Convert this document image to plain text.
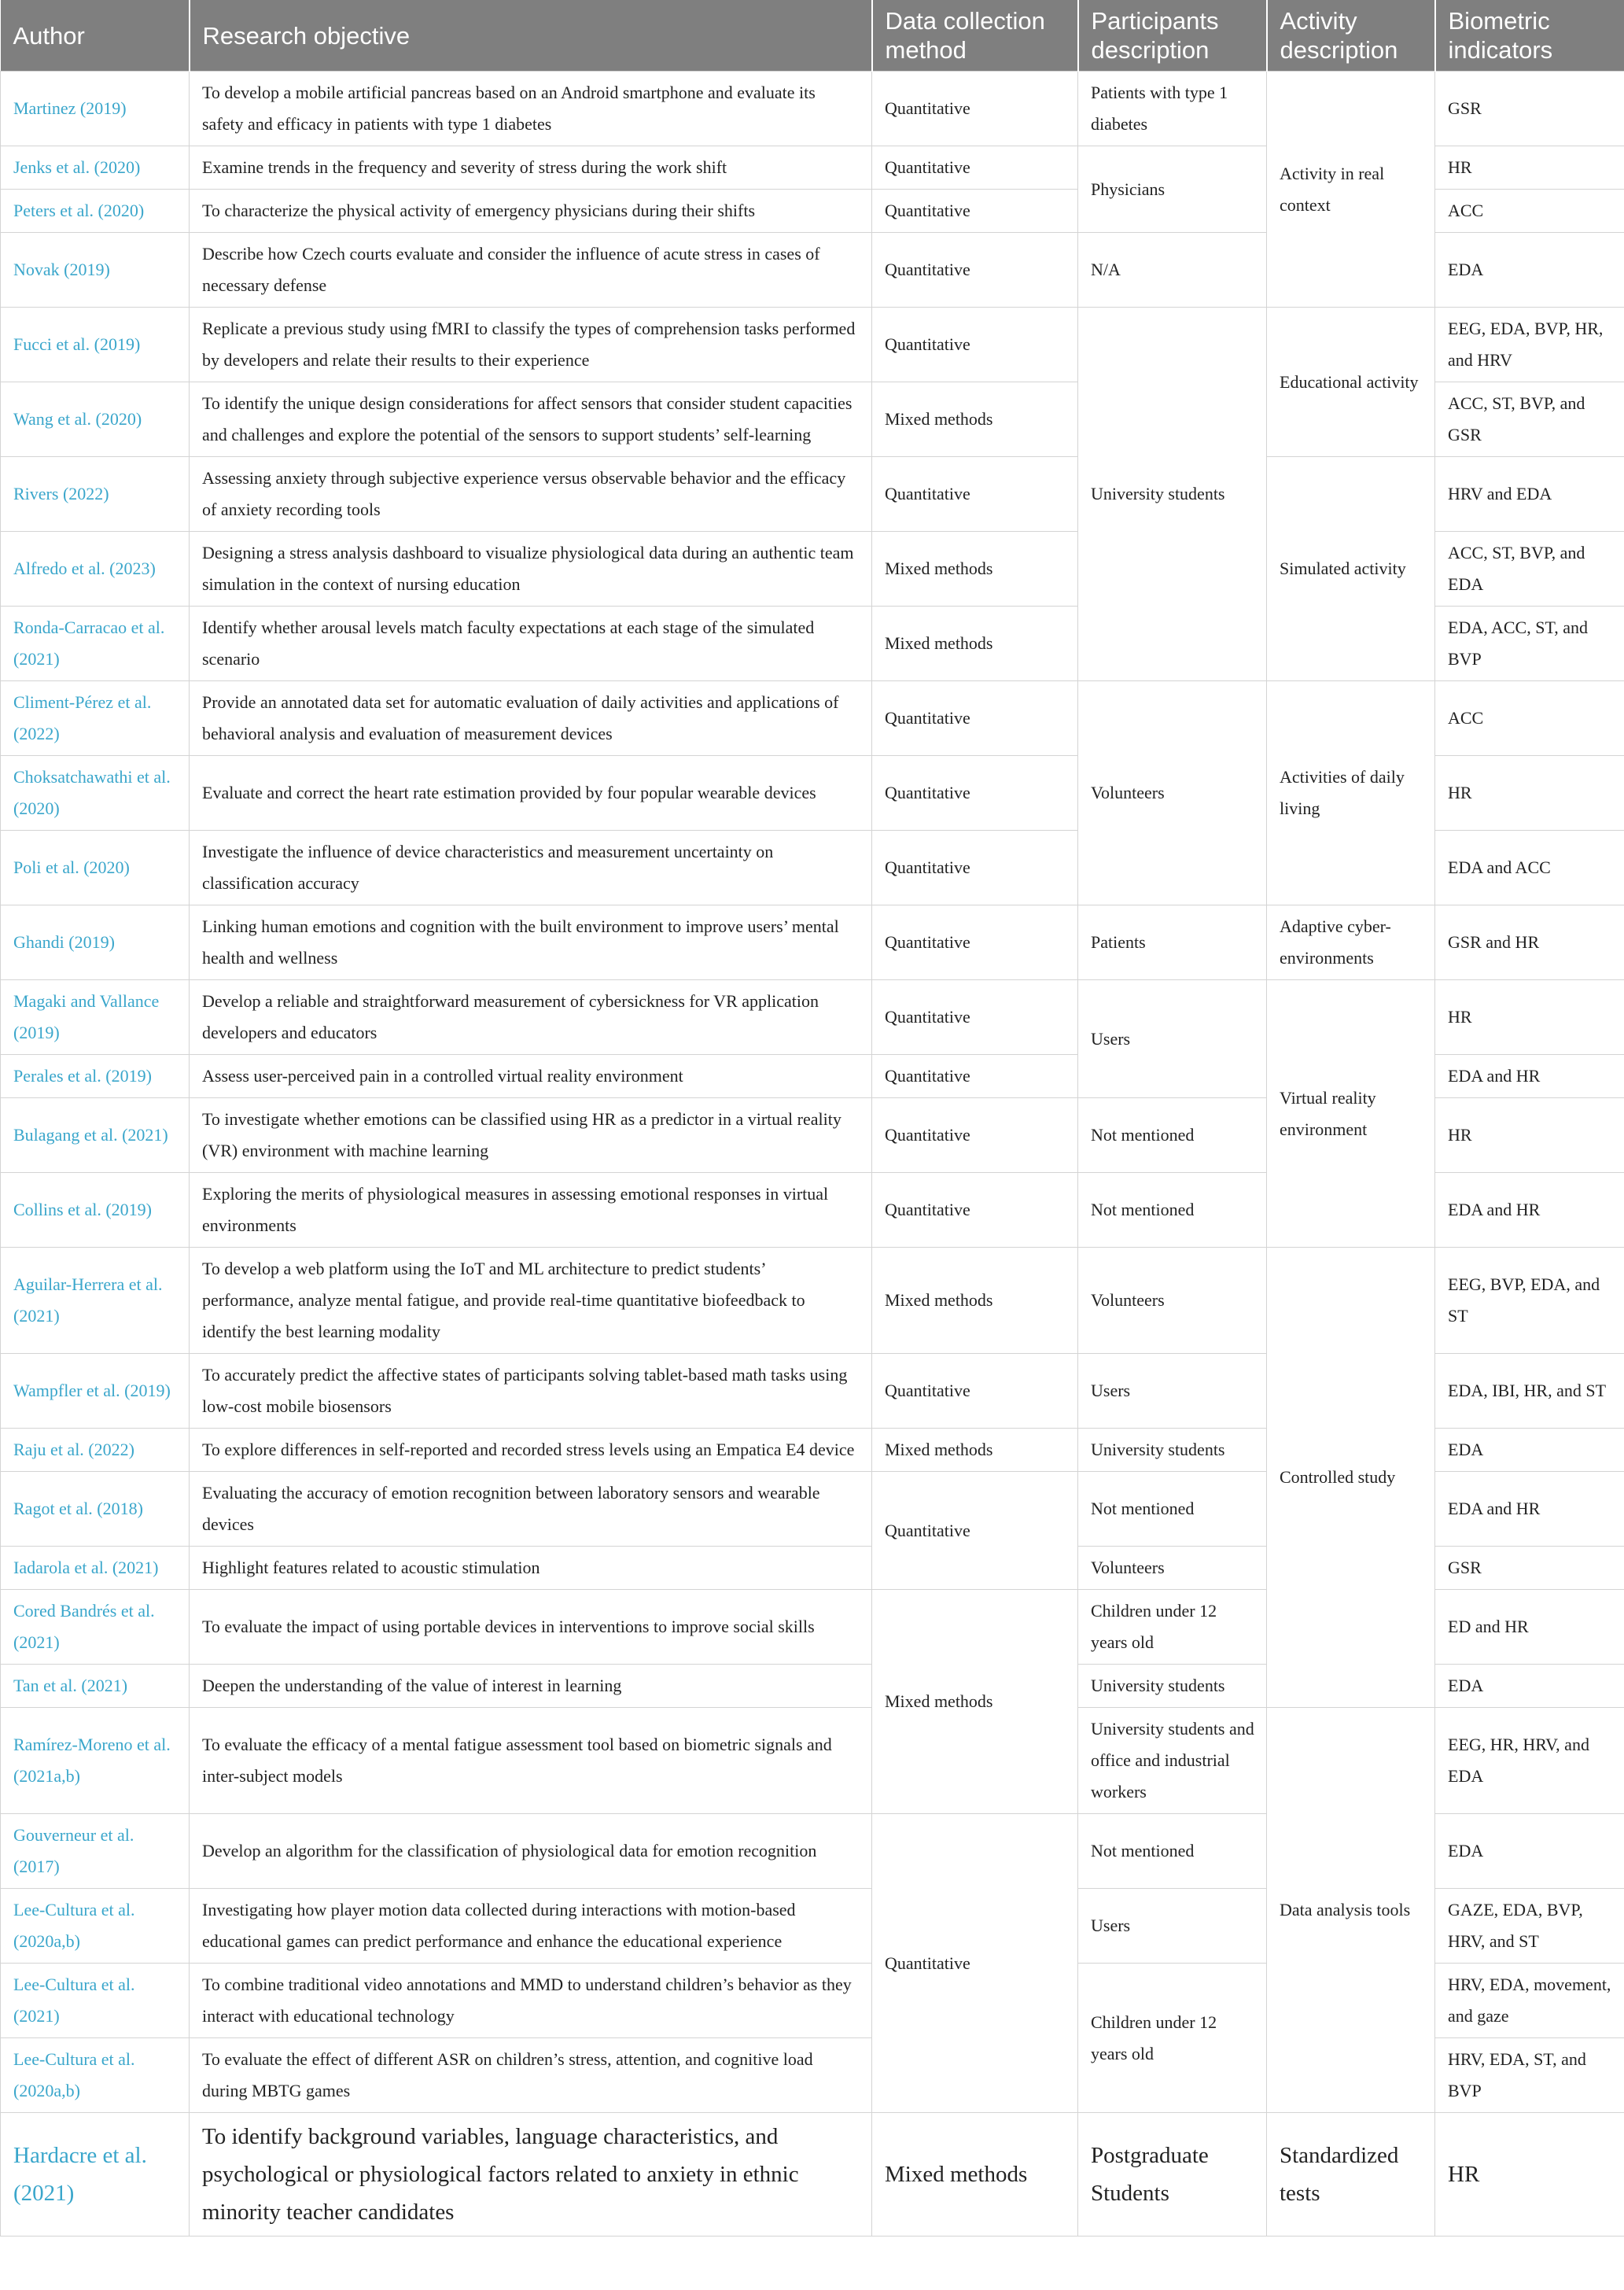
Author	Research objective	Data collection method	Participants description	Activity description	Biometric indicators
Martinez (2019)	To develop a mobile artificial pancreas based on an Android smartphone and evaluate its safety and efficacy in patients with type 1 diabetes	Quantitative	Patients with type 1 diabetes	Activity in real context	GSR
Jenks et al. (2020)	Examine trends in the frequency and severity of stress during the work shift	Quantitative	Physicians		HR
Peters et al. (2020)	To characterize the physical activity of emergency physicians during their shifts	Quantitative			ACC
Novak (2019)	Describe how Czech courts evaluate and consider the influence of acute stress in cases of necessary defense	Quantitative	N/A		EDA
Fucci et al. (2019)	Replicate a previous study using fMRI to classify the types of comprehension tasks performed by developers and relate their results to their experience	Quantitative	University students	Educational activity	EEG, EDA, BVP, HR, and HRV
Wang et al. (2020)	To identify the unique design considerations for affect sensors that consider student capacities and challenges and explore the potential of the sensors to support students’ self-learning	Mixed methods			ACC, ST, BVP, and GSR
Rivers (2022)	Assessing anxiety through subjective experience versus observable behavior and the efficacy of anxiety recording tools	Quantitative		Simulated activity	HRV and EDA
Alfredo et al. (2023)	Designing a stress analysis dashboard to visualize physiological data during an authentic team simulation in the context of nursing education	Mixed methods			ACC, ST, BVP, and EDA
Ronda-Carracao et al. (2021)	Identify whether arousal levels match faculty expectations at each stage of the simulated scenario	Mixed methods			EDA, ACC, ST, and BVP
Climent-Pérez et al. (2022)	Provide an annotated data set for automatic evaluation of daily activities and applications of behavioral analysis and evaluation of measurement devices	Quantitative	Volunteers	Activities of daily living	ACC
Choksatchawathi et al. (2020)	Evaluate and correct the heart rate estimation provided by four popular wearable devices	Quantitative			HR
Poli et al. (2020)	Investigate the influence of device characteristics and measurement uncertainty on classification accuracy	Quantitative			EDA and ACC
Ghandi (2019)	Linking human emotions and cognition with the built environment to improve users’ mental health and wellness	Quantitative	Patients	Adaptive cyber-environments	GSR and HR
Magaki and Vallance (2019)	Develop a reliable and straightforward measurement of cybersickness for VR application developers and educators	Quantitative	Users	Virtual reality environment	HR
Perales et al. (2019)	Assess user-perceived pain in a controlled virtual reality environment	Quantitative			EDA and HR
Bulagang et al. (2021)	To investigate whether emotions can be classified using HR as a predictor in a virtual reality (VR) environment with machine learning	Quantitative	Not mentioned		HR
Collins et al. (2019)	Exploring the merits of physiological measures in assessing emotional responses in virtual environments	Quantitative	Not mentioned		EDA and HR
Aguilar-Herrera et al. (2021)	To develop a web platform using the IoT and ML architecture to predict students’ performance, analyze mental fatigue, and provide real-time quantitative biofeedback to identify the best learning modality	Mixed methods	Volunteers	Controlled study	EEG, BVP, EDA, and ST
Wampfler et al. (2019)	To accurately predict the affective states of participants solving tablet-based math tasks using low-cost mobile biosensors	Quantitative	Users		EDA, IBI, HR, and ST
Raju et al. (2022)	To explore differences in self-reported and recorded stress levels using an Empatica E4 device	Mixed methods	University students		EDA
Ragot et al. (2018)	Evaluating the accuracy of emotion recognition between laboratory sensors and wearable devices	Quantitative	Not mentioned		EDA and HR
Iadarola et al. (2021)	Highlight features related to acoustic stimulation		Volunteers		GSR
Cored Bandrés et al. (2021)	To evaluate the impact of using portable devices in interventions to improve social skills	Mixed methods	Children under 12 years old		ED and HR
Tan et al. (2021)	Deepen the understanding of the value of interest in learning		University students		EDA
Ramírez-Moreno et al. (2021a,b)	To evaluate the efficacy of a mental fatigue assessment tool based on biometric signals and inter-subject models		University students and office and industrial workers	Data analysis tools	EEG, HR, HRV, and EDA
Gouverneur et al. (2017)	Develop an algorithm for the classification of physiological data for emotion recognition	Quantitative	Not mentioned		EDA
Lee-Cultura et al. (2020a,b)	Investigating how player motion data collected during interactions with motion-based educational games can predict performance and enhance the educational experience		Users		GAZE, EDA, BVP, HRV, and ST
Lee-Cultura et al. (2021)	To combine traditional video annotations and MMD to understand children’s behavior as they interact with educational technology		Children under 12 years old		HRV, EDA, movement, and gaze
Lee-Cultura et al. (2020a,b)	To evaluate the effect of different ASR on children’s stress, attention, and cognitive load during MBTG games				HRV, EDA, ST, and BVP
Hardacre et al. (2021)	To identify background variables, language characteristics, and psychological or physiological factors related to anxiety in ethnic minority teacher candidates	Mixed methods	Postgraduate Students	Standardized tests	HR
